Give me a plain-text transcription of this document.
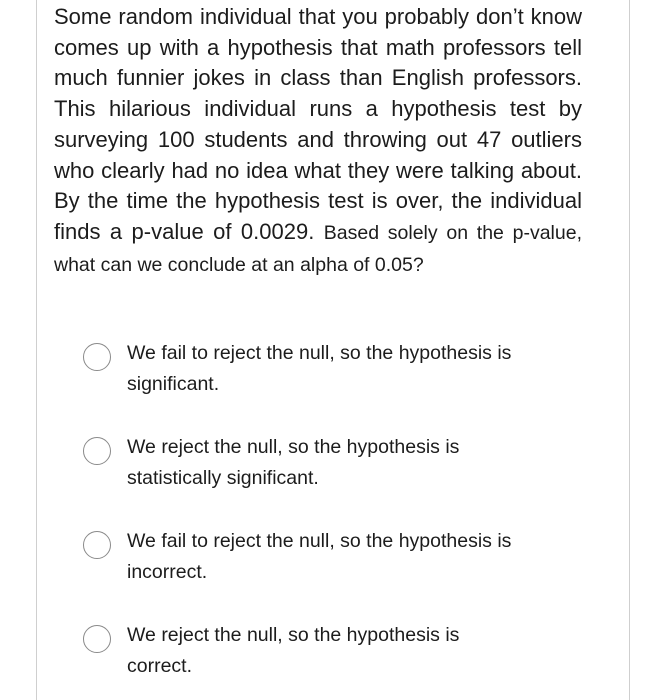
Some random individual that you probably don’t know comes up with a hypothesis that math professors tell much funnier jokes in class than English professors. This hilarious individual runs a hypothesis test by surveying 100 students and throwing out 47 outliers who clearly had no idea what they were talking about. By the time the hypothesis test is over, the individual finds a p-value of 0.0029. Based solely on the p-value, what can we conclude at an alpha of 0.05?

We fail to reject the null, so the hypothesis is significant.
We reject the null, so the hypothesis is statistically significant.
We fail to reject the null, so the hypothesis is incorrect.
We reject the null, so the hypothesis is correct.
